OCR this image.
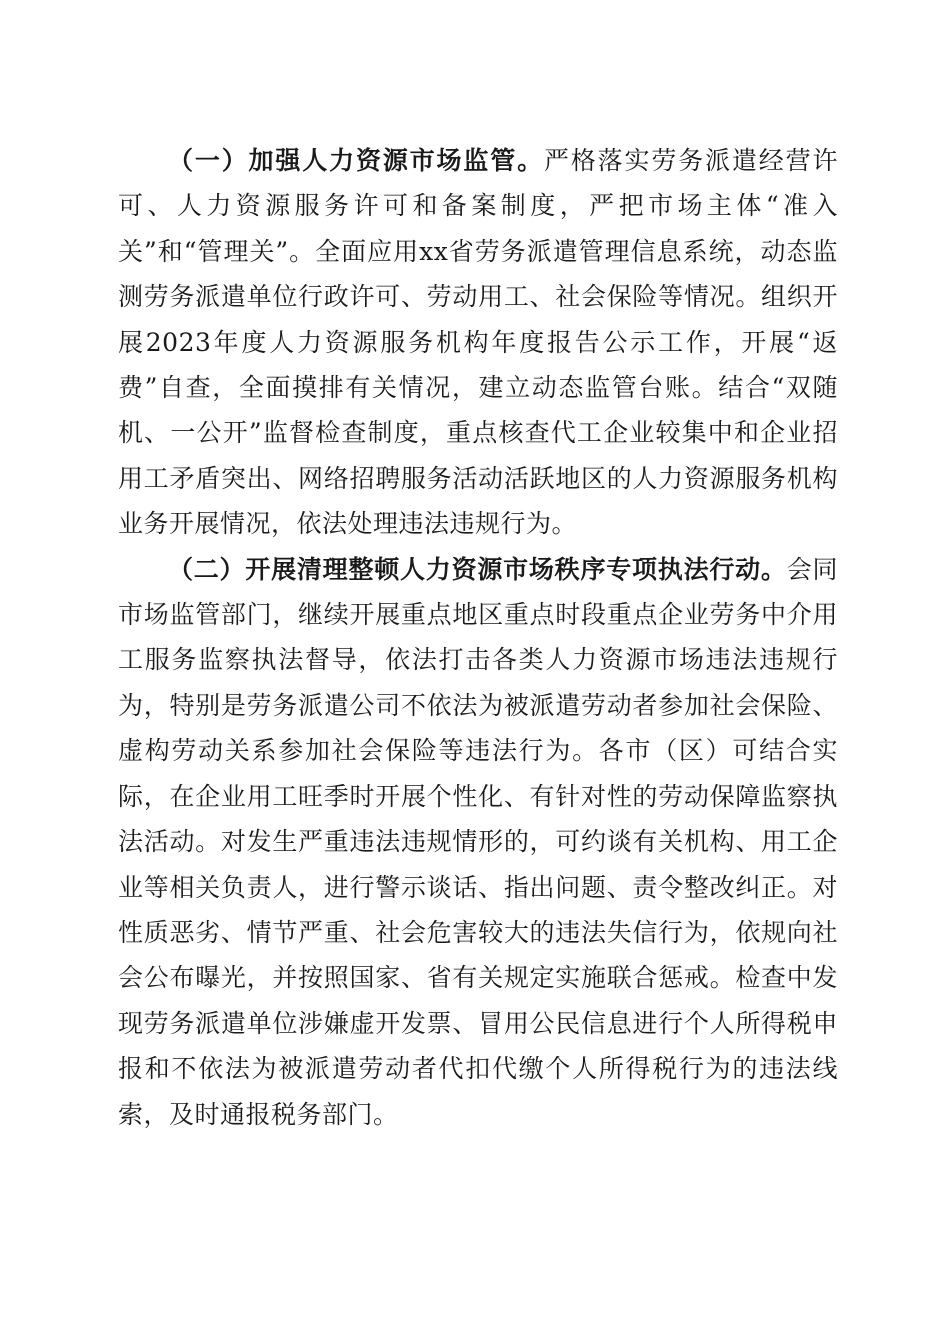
（一）加强人力资源市场监管。严格落实劳务派遣经营许可、人力资源服务许可和备案制度，严把市场主体“准入关”和“管理关”。全面应用xx省劳务派遣管理信息系统，动态监测劳务派遣单位行政许可、劳动用工、社会保险等情况。组织开展2023年度人力资源服务机构年度报告公示工作，开展“返费”自查，全面摸排有关情况，建立动态监管台账。结合“双随机、一公开”监督检查制度，重点核查代工企业较集中和企业招用工矛盾突出、网络招聘服务活动活跃地区的人力资源服务机构业务开展情况，依法处理违法违规行为。

（二）开展清理整顿人力资源市场秩序专项执法行动。会同市场监管部门，继续开展重点地区重点时段重点企业劳务中介用工服务监察执法督导，依法打击各类人力资源市场违法违规行为，特别是劳务派遣公司不依法为被派遣劳动者参加社会保险、虚构劳动关系参加社会保险等违法行为。各市（区）可结合实际，在企业用工旺季时开展个性化、有针对性的劳动保障监察执法活动。对发生严重违法违规情形的，可约谈有关机构、用工企业等相关负责人，进行警示谈话、指出问题、责令整改纠正。对性质恶劣、情节严重、社会危害较大的违法失信行为，依规向社会公布曝光，并按照国家、省有关规定实施联合惩戒。检查中发现劳务派遣单位涉嫌虚开发票、冒用公民信息进行个人所得税申报和不依法为被派遣劳动者代扣代缴个人所得税行为的违法线索，及时通报税务部门。
